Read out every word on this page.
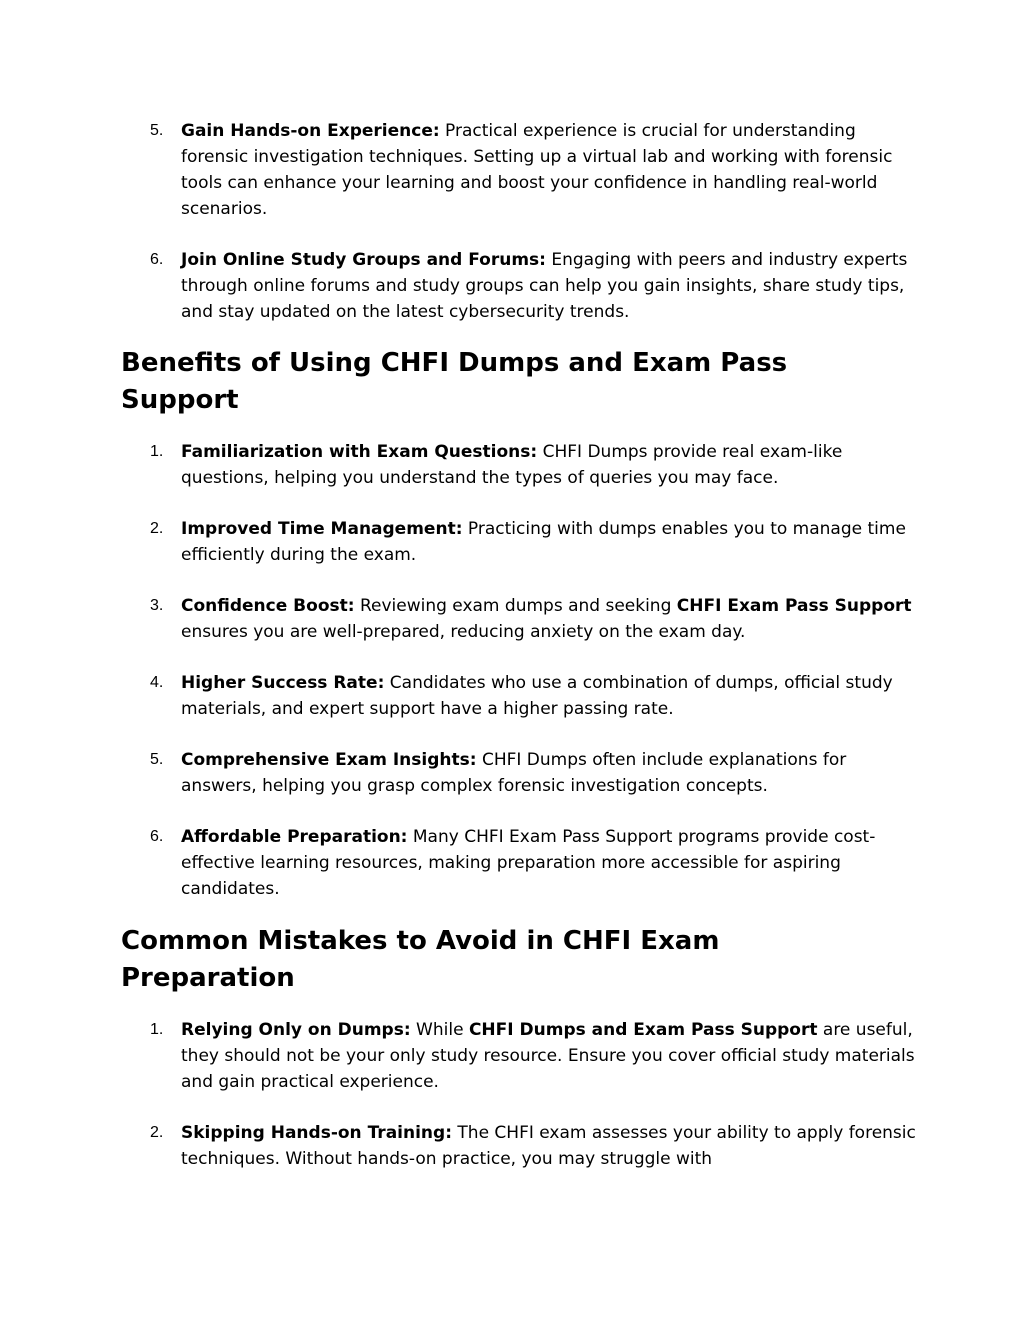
5. Gain Hands-on Experience: Practical experience is crucial for understanding forensic investigation techniques. Setting up a virtual lab and working with forensic tools can enhance your learning and boost your confidence in handling real-world scenarios.
6. Join Online Study Groups and Forums: Engaging with peers and industry experts through online forums and study groups can help you gain insights, share study tips, and stay updated on the latest cybersecurity trends.
Benefits of Using CHFI Dumps and Exam Pass Support
1. Familiarization with Exam Questions: CHFI Dumps provide real exam-like questions, helping you understand the types of queries you may face.
2. Improved Time Management: Practicing with dumps enables you to manage time efficiently during the exam.
3. Confidence Boost: Reviewing exam dumps and seeking CHFI Exam Pass Support ensures you are well-prepared, reducing anxiety on the exam day.
4. Higher Success Rate: Candidates who use a combination of dumps, official study materials, and expert support have a higher passing rate.
5. Comprehensive Exam Insights: CHFI Dumps often include explanations for answers, helping you grasp complex forensic investigation concepts.
6. Affordable Preparation: Many CHFI Exam Pass Support programs provide cost-effective learning resources, making preparation more accessible for aspiring candidates.
Common Mistakes to Avoid in CHFI Exam Preparation
1. Relying Only on Dumps: While CHFI Dumps and Exam Pass Support are useful, they should not be your only study resource. Ensure you cover official study materials and gain practical experience.
2. Skipping Hands-on Training: The CHFI exam assesses your ability to apply forensic techniques. Without hands-on practice, you may struggle with
